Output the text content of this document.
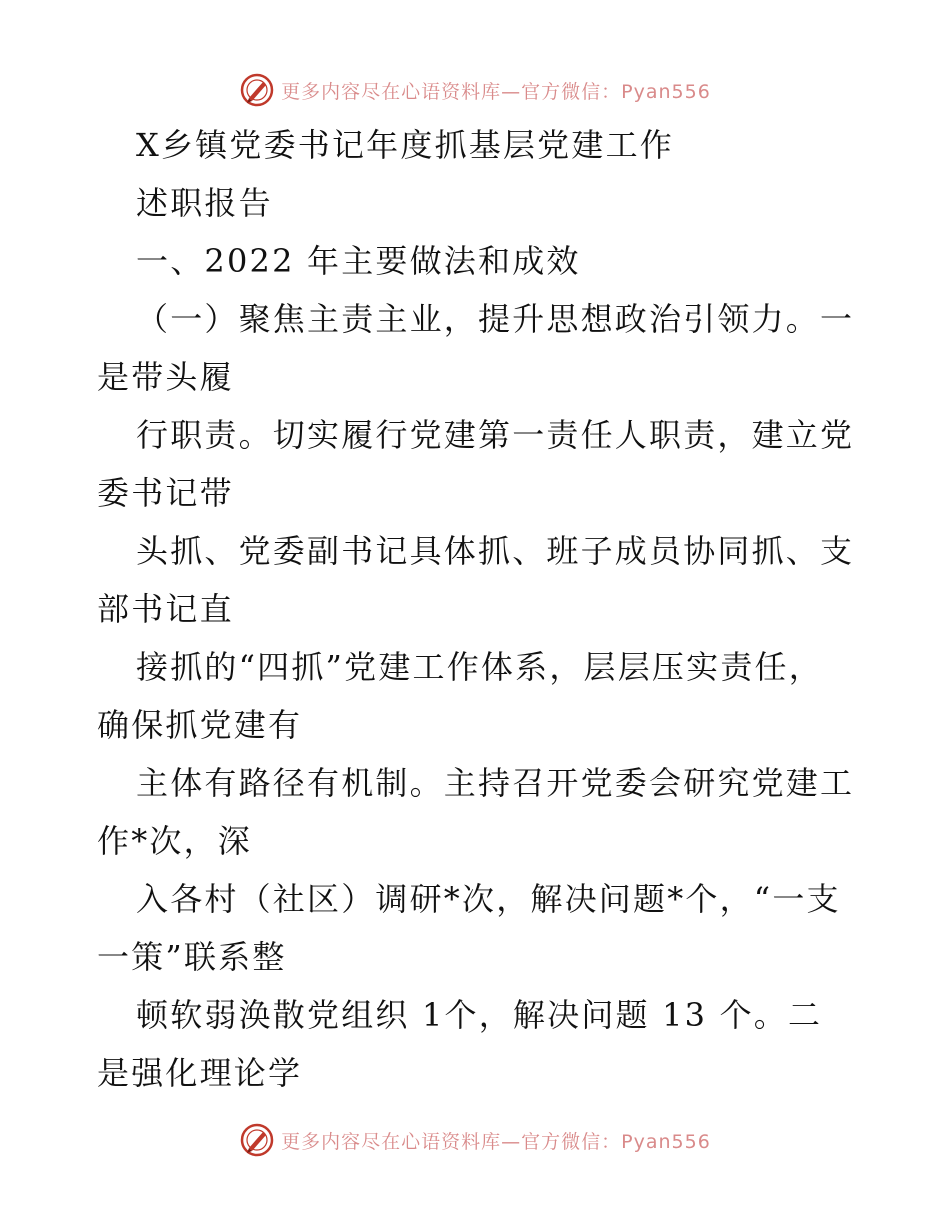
更多内容尽在心语资料库—官方微信：Pyan556
X乡镇党委书记年度抓基层党建工作
述职报告
一、2022 年主要做法和成效
（一）聚焦主责主业，提升思想政治引领力。一
是带头履
行职责。切实履行党建第一责任人职责，建立党
委书记带
头抓、党委副书记具体抓、班子成员协同抓、支
部书记直
接抓的“四抓”党建工作体系，层层压实责任，
确保抓党建有
主体有路径有机制。主持召开党委会研究党建工
作*次，深
入各村（社区）调研*次，解决问题*个，“一支
一策”联系整
顿软弱涣散党组织 1个，解决问题 13 个。二
是强化理论学
更多内容尽在心语资料库—官方微信：Pyan556
